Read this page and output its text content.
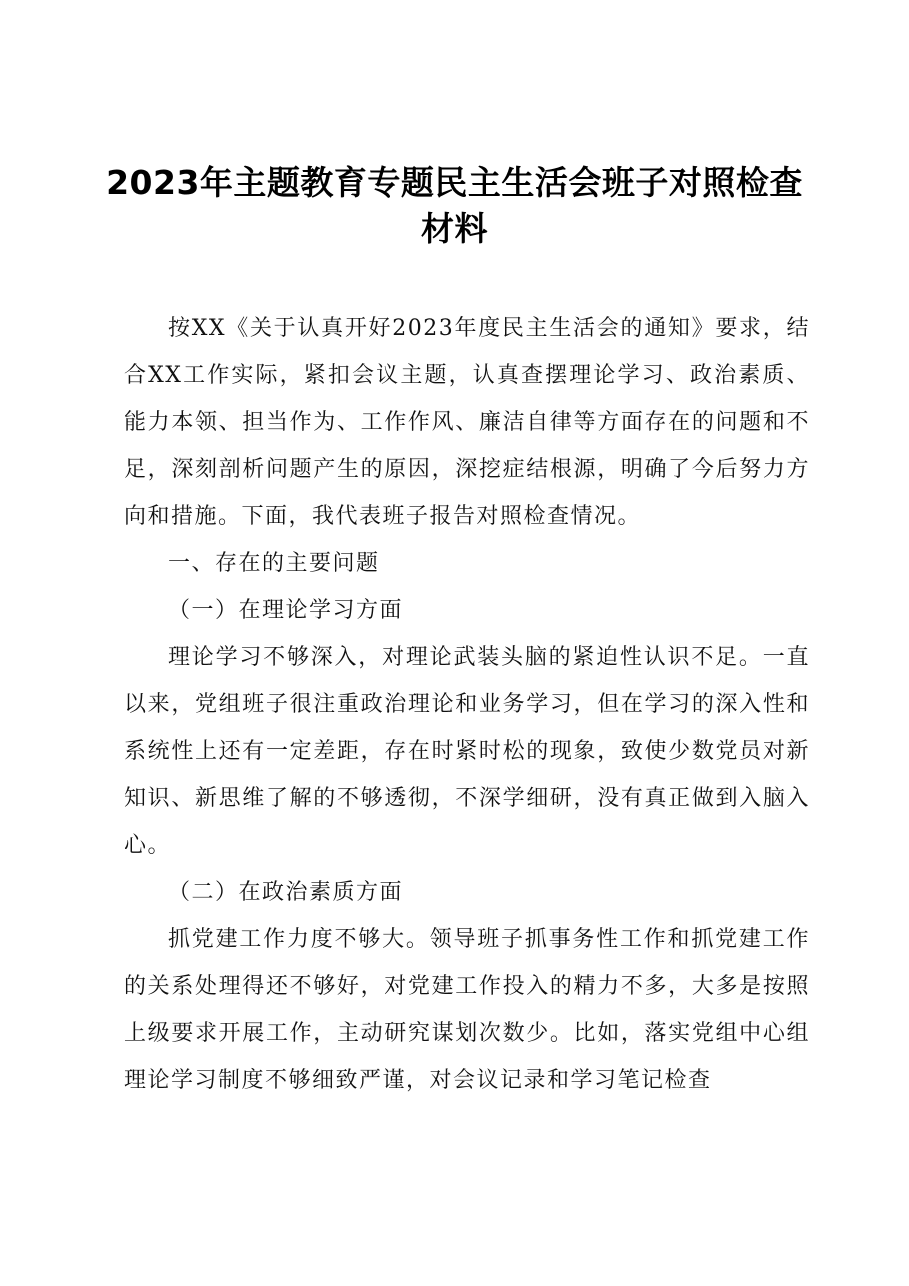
2023年主题教育专题民主生活会班子对照检查材料

按XX《关于认真开好2023年度民主生活会的通知》要求，结合XX工作实际，紧扣会议主题，认真查摆理论学习、政治素质、能力本领、担当作为、工作作风、廉洁自律等方面存在的问题和不足，深刻剖析问题产生的原因，深挖症结根源，明确了今后努力方向和措施。下面，我代表班子报告对照检查情况。

一、存在的主要问题

（一）在理论学习方面

理论学习不够深入，对理论武装头脑的紧迫性认识不足。一直以来，党组班子很注重政治理论和业务学习，但在学习的深入性和系统性上还有一定差距，存在时紧时松的现象，致使少数党员对新知识、新思维了解的不够透彻，不深学细研，没有真正做到入脑入心。

（二）在政治素质方面

抓党建工作力度不够大。领导班子抓事务性工作和抓党建工作的关系处理得还不够好，对党建工作投入的精力不多，大多是按照上级要求开展工作，主动研究谋划次数少。比如，落实党组中心组理论学习制度不够细致严谨，对会议记录和学习笔记检查
